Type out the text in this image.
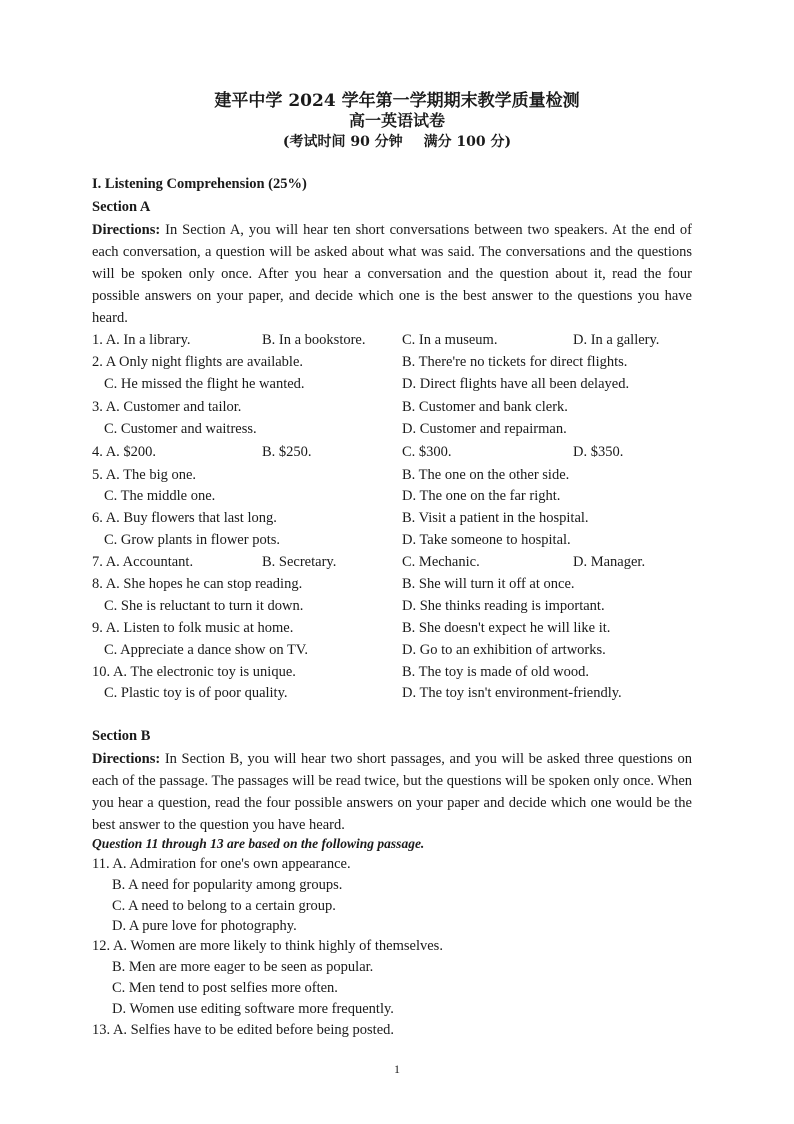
建平中学 2024 学年第一学期期末教学质量检测
高一英语试卷
(考试时间 90 分钟 满分 100 分)
I. Listening Comprehension (25%)
Section A
Directions: In Section A, you will hear ten short conversations between two speakers. At the end of each conversation, a question will be asked about what was said. The conversations and the questions will be spoken only once. After you hear a conversation and the question about it, read the four possible answers on your paper, and decide which one is the best answer to the questions you have heard.
1. A. In a library.	B. In a bookstore.	C. In a museum.	D. In a gallery.
2. A Only night flights are available.	B. There're no tickets for direct flights.
C. He missed the flight he wanted.	D. Direct flights have all been delayed.
3. A. Customer and tailor.	B. Customer and bank clerk.
C. Customer and waitress.	D. Customer and repairman.
4. A. $200.	B. $250.	C. $300.	D. $350.
5. A. The big one.	B. The one on the other side.
C. The middle one.	D. The one on the far right.
6. A. Buy flowers that last long.	B. Visit a patient in the hospital.
C. Grow plants in flower pots.	D. Take someone to hospital.
7. A. Accountant.	B. Secretary.	C. Mechanic.	D. Manager.
8. A. She hopes he can stop reading.	B. She will turn it off at once.
C. She is reluctant to turn it down.	D. She thinks reading is important.
9. A. Listen to folk music at home.	B. She doesn't expect he will like it.
C. Appreciate a dance show on TV.	D. Go to an exhibition of artworks.
10. A. The electronic toy is unique.	B. The toy is made of old wood.
C. Plastic toy is of poor quality.	D. The toy isn't environment-friendly.
Section B
Directions: In Section B, you will hear two short passages, and you will be asked three questions on each of the passage. The passages will be read twice, but the questions will be spoken only once. When you hear a question, read the four possible answers on your paper and decide which one would be the best answer to the question you have heard.
Question 11 through 13 are based on the following passage.
11. A. Admiration for one's own appearance.
B. A need for popularity among groups.
C. A need to belong to a certain group.
D. A pure love for photography.
12. A. Women are more likely to think highly of themselves.
B. Men are more eager to be seen as popular.
C. Men tend to post selfies more often.
D. Women use editing software more frequently.
13. A. Selfies have to be edited before being posted.
1
